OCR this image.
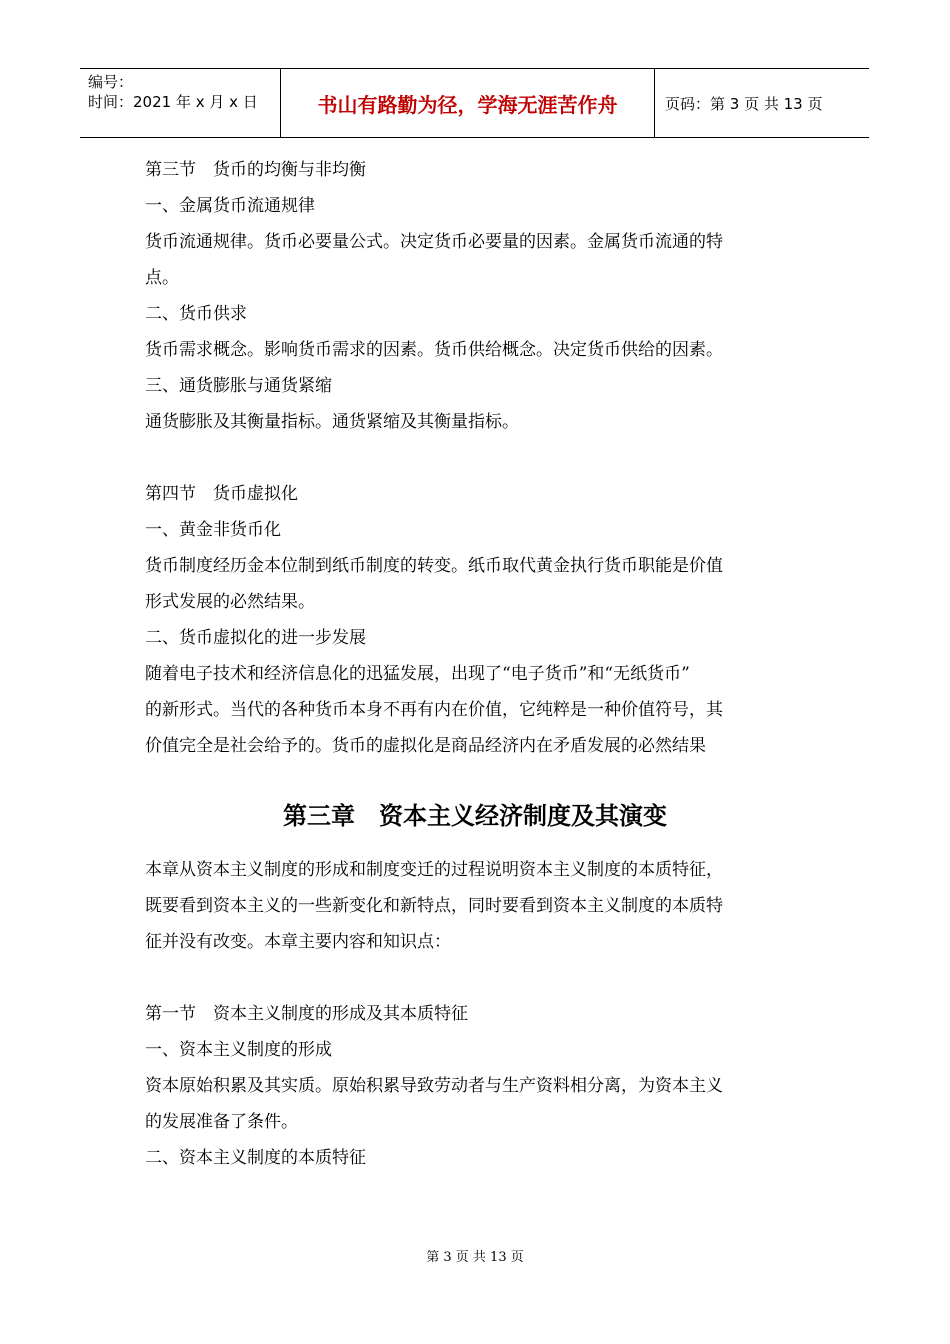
编号：
时间：2021 年 x 月 x 日	书山有路勤为径，学海无涯苦作舟	页码：第 3 页 共 13 页
第三节　货币的均衡与非均衡
一、金属货币流通规律
货币流通规律。货币必要量公式。决定货币必要量的因素。金属货币流通的特
点。
二、货币供求
货币需求概念。影响货币需求的因素。货币供给概念。决定货币供给的因素。
三、通货膨胀与通货紧缩
通货膨胀及其衡量指标。通货紧缩及其衡量指标。
第四节　货币虚拟化
一、黄金非货币化
货币制度经历金本位制到纸币制度的转变。纸币取代黄金执行货币职能是价值
形式发展的必然结果。
二、货币虚拟化的进一步发展
随着电子技术和经济信息化的迅猛发展，出现了“电子货币”和“无纸货币”
的新形式。当代的各种货币本身不再有内在价值，它纯粹是一种价值符号，其
价值完全是社会给予的。货币的虚拟化是商品经济内在矛盾发展的必然结果
第三章　资本主义经济制度及其演变
本章从资本主义制度的形成和制度变迁的过程说明资本主义制度的本质特征，
既要看到资本主义的一些新变化和新特点，同时要看到资本主义制度的本质特
征并没有改变。本章主要内容和知识点：
第一节　资本主义制度的形成及其本质特征
一、资本主义制度的形成
资本原始积累及其实质。原始积累导致劳动者与生产资料相分离，为资本主义
的发展准备了条件。
二、资本主义制度的本质特征
第 3 页 共 13 页
